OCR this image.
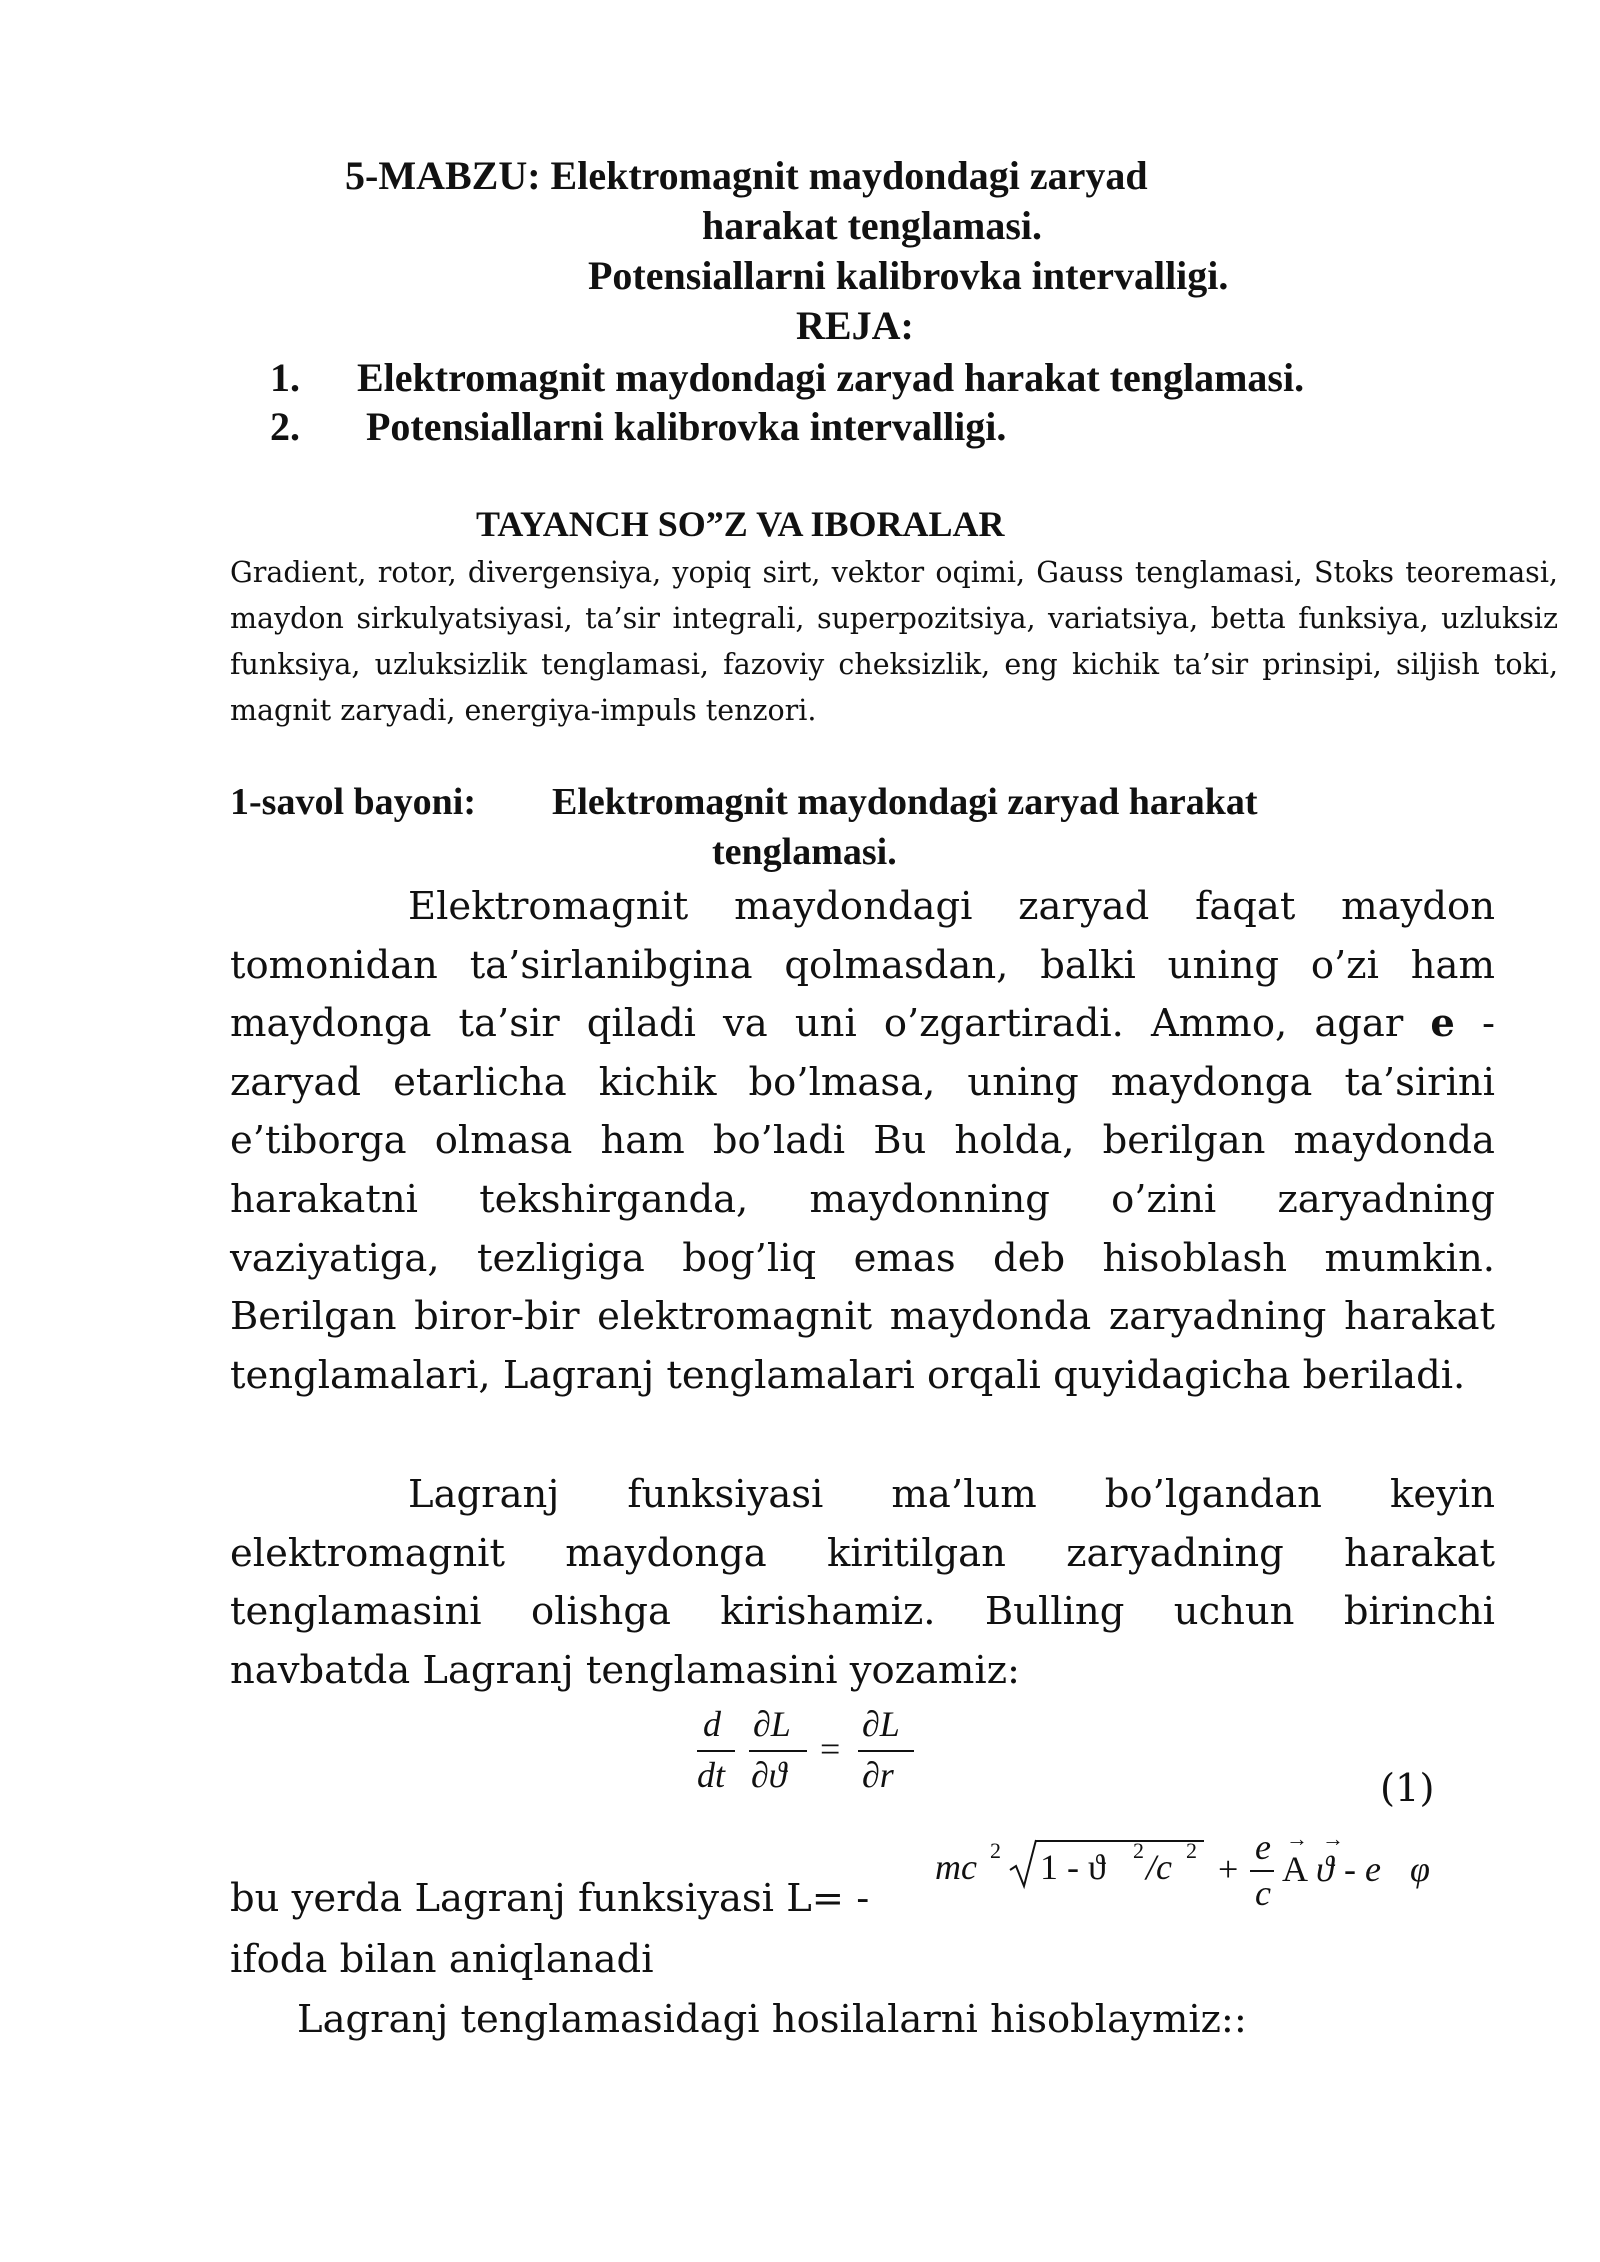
5-MABZU: Elektromagnit maydondagi zaryad
harakat tenglamasi.
Potensiallarni kalibrovka intervalligi.
REJA:
1. Elektromagnit maydondagi zaryad harakat tenglamasi.
2. Potensiallarni kalibrovka intervalligi.
TAYANCH SO”Z VA IBORALAR
Gradient, rotor, divergensiya, yopiq sirt, vektor oqimi, Gauss tenglamasi, Stoks teoremasi, maydon sirkulyatsiyasi, ta’sir integrali, superpozitsiya, variatsiya, betta funksiya, uzluksiz funksiya, uzluksizlik tenglamasi, fazoviy cheksizlik, eng kichik ta’sir prinsipi, siljish toki, magnit zaryadi, energiya-impuls tenzori.
1-savol bayoni: Elektromagnit maydondagi zaryad harakat
tenglamasi.
Elektromagnit maydondagi zaryad faqat maydon tomonidan ta’sirlanibgina qolmasdan, balki uning o’zi ham maydonga ta’sir qiladi va uni o’zgartiradi. Ammo, agar e - zaryad etarlicha kichik bo’lmasa, uning maydonga ta’sirini e’tiborga olmasa ham bo’ladi Bu holda, berilgan maydonda harakatni tekshirganda, maydonning o’zini zaryadning vaziyatiga, tezligiga bog’liq emas deb hisoblash mumkin. Berilgan biror-bir elektromagnit maydonda zaryadning harakat tenglamalari, Lagranj tenglamalari orqali quyidagicha beriladi.
Lagranj funksiyasi ma’lum bo’lgandan keyin elektromagnit maydonga kiritilgan zaryadning harakat tenglamasini olishga kirishamiz. Bulling uchun birinchi navbatda Lagranj tenglamasini yozamiz:
d
dt
∂L
∂ϑ
=
∂L
∂r	(1)
bu yerda Lagranj funksiyasi L= -
mc 2 1 - ϑ 2 /c 2 +
e
c
→
A
→
ϑ - e φ
ifoda bilan aniqlanadi
Lagranj tenglamasidagi hosilalarni hisoblaymiz::
